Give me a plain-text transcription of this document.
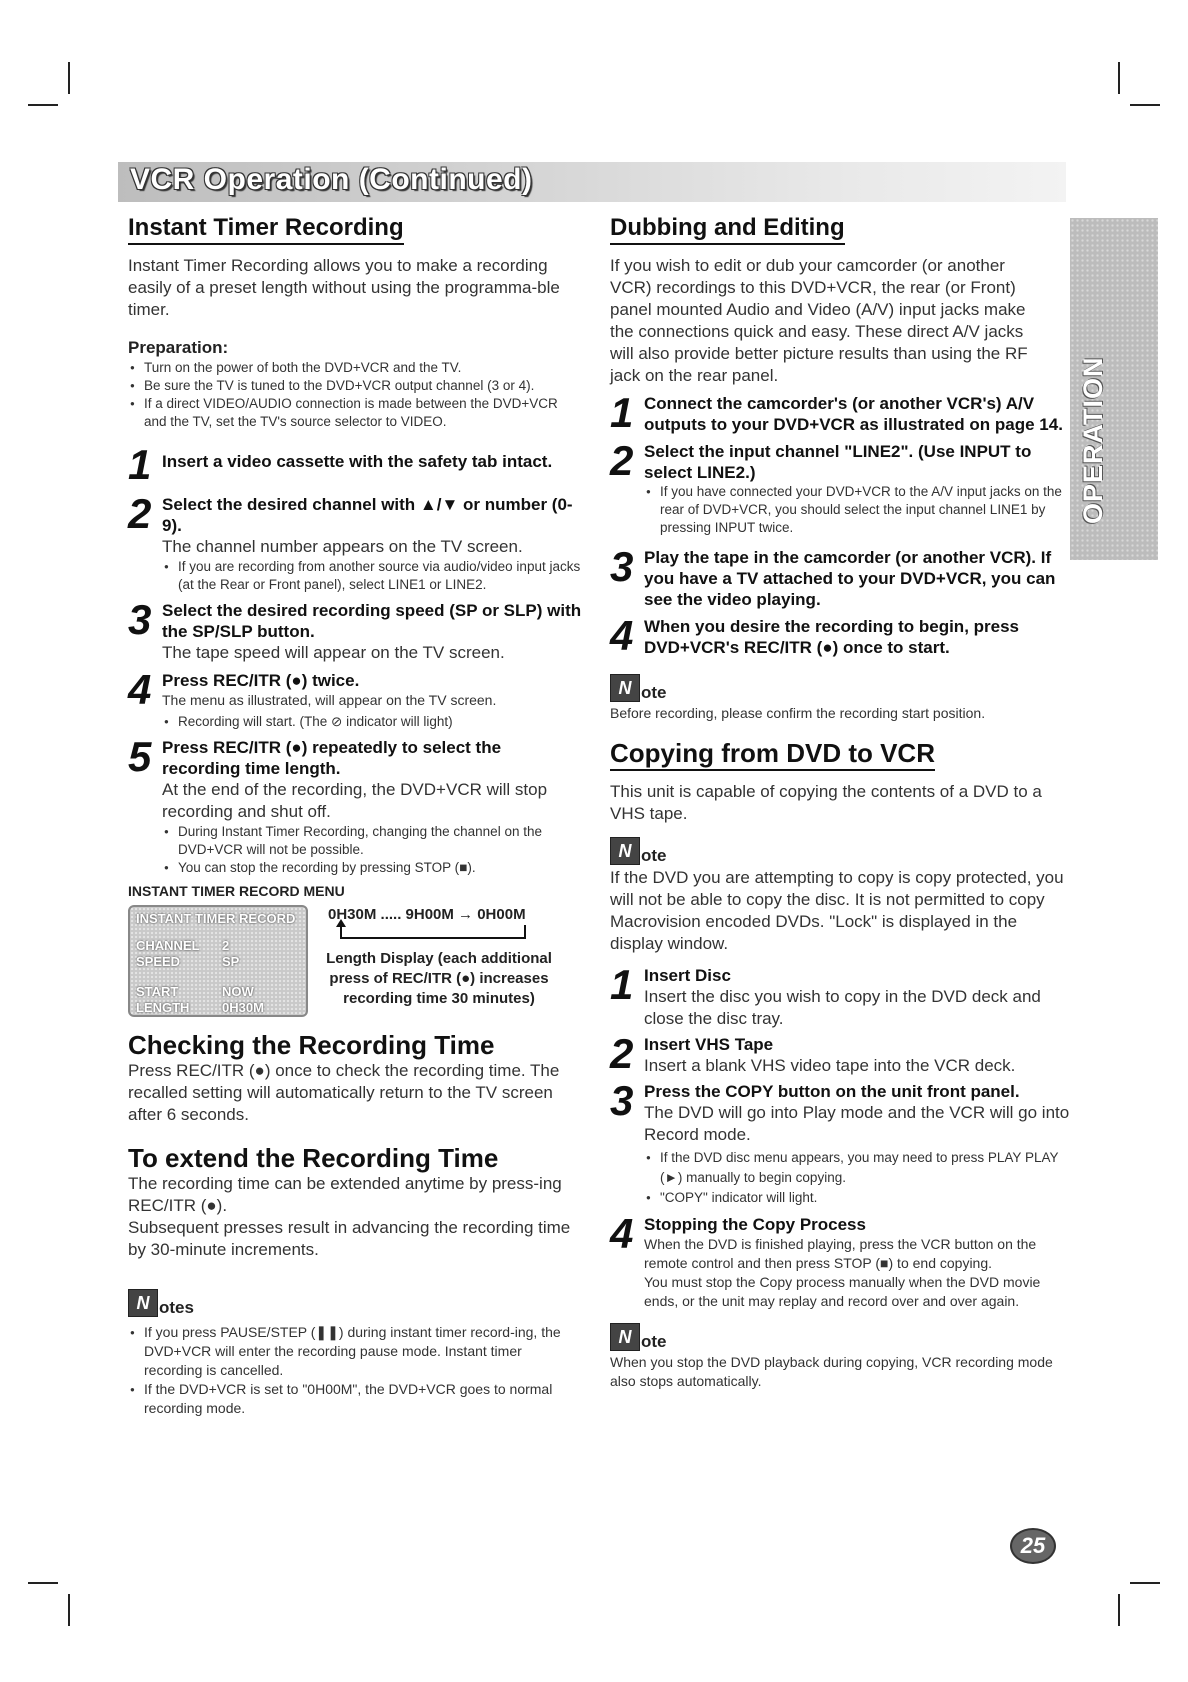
VCR Operation (Continued)
OPERATION
Instant Timer Recording

Instant Timer Recording allows you to make a recording easily of a preset length without using the programma-ble timer.

Preparation:
● Turn on the power of both the DVD+VCR and the TV.
● Be sure the TV is tuned to the DVD+VCR output channel (3 or 4).
● If a direct VIDEO/AUDIO connection is made between the DVD+VCR and the TV, set the TV's source selector to VIDEO.
1 Insert a video cassette with the safety tab intact.
2 Select the desired channel with ▲/▼ or number (0-9).
The channel number appears on the TV screen.
● If you are recording from another source via audio/video input jacks (at the Rear or Front panel), select LINE1 or LINE2.
3 Select the desired recording speed (SP or SLP) with the SP/SLP button.
The tape speed will appear on the TV screen.
4 Press REC/ITR (●) twice.
The menu as illustrated, will appear on the TV screen.
● Recording will start. (The ⊘ indicator will light)
5 Press REC/ITR (●) repeatedly to select the recording time length.
At the end of the recording, the DVD+VCR will stop recording and shut off.
● During Instant Timer Recording, changing the channel on the DVD+VCR will not be possible.
● You can stop the recording by pressing STOP (■).
INSTANT TIMER RECORD MENU
INSTANT TIMER RECORD
CHANNEL	2
SPEED	SP
START	NOW
LENGTH	0H30M
0H30M ..... 9H00M → 0H00M
Length Display (each additional press of REC/ITR (●) increases recording time 30 minutes)
Checking the Recording Time

Press REC/ITR (●) once to check the recording time. The recalled setting will automatically return to the TV screen after 6 seconds.

To extend the Recording Time

The recording time can be extended anytime by press-ing REC/ITR (●).

Subsequent presses result in advancing the recording time by 30-minute increments.

N otes
● If you press PAUSE/STEP (❚❚) during instant timer record-ing, the DVD+VCR will enter the recording pause mode. Instant timer recording is cancelled.
● If the DVD+VCR is set to "0H00M", the DVD+VCR goes to normal recording mode.
Dubbing and Editing

If you wish to edit or dub your camcorder (or another VCR) recordings to this DVD+VCR, the rear (or Front) panel mounted Audio and Video (A/V) input jacks make the connections quick and easy. These direct A/V jacks will also provide better picture results than using the RF jack on the rear panel.

1 Connect the camcorder's (or another VCR's) A/V outputs to your DVD+VCR as illustrated on page 14.
2 Select the input channel "LINE2". (Use INPUT to select LINE2.)
● If you have connected your DVD+VCR to the A/V input jacks on the rear of DVD+VCR, you should select the input channel LINE1 by pressing INPUT twice.
3 Play the tape in the camcorder (or another VCR). If you have a TV attached to your DVD+VCR, you can see the video playing.
4 When you desire the recording to begin, press DVD+VCR's REC/ITR (●) once to start.
N ote
Before recording, please confirm the recording start position.
Copying from DVD to VCR

This unit is capable of copying the contents of a DVD to a VHS tape.

N ote

If the DVD you are attempting to copy is copy protected, you will not be able to copy the disc. It is not permitted to copy Macrovision encoded DVDs. "Lock" is displayed in the display window.

1 Insert Disc
Insert the disc you wish to copy in the DVD deck and close the disc tray.
2 Insert VHS Tape
Insert a blank VHS video tape into the VCR deck.
3 Press the COPY button on the unit front panel.
The DVD will go into Play mode and the VCR will go into Record mode.
● If the DVD disc menu appears, you may need to press PLAY PLAY (►) manually to begin copying.
● "COPY" indicator will light.
4 Stopping the Copy Process
When the DVD is finished playing, press the VCR button on the remote control and then press STOP (■) to end copying.
You must stop the Copy process manually when the DVD movie ends, or the unit may replay and record over and over again.
N ote
When you stop the DVD playback during copying, VCR recording mode also stops automatically.
25
